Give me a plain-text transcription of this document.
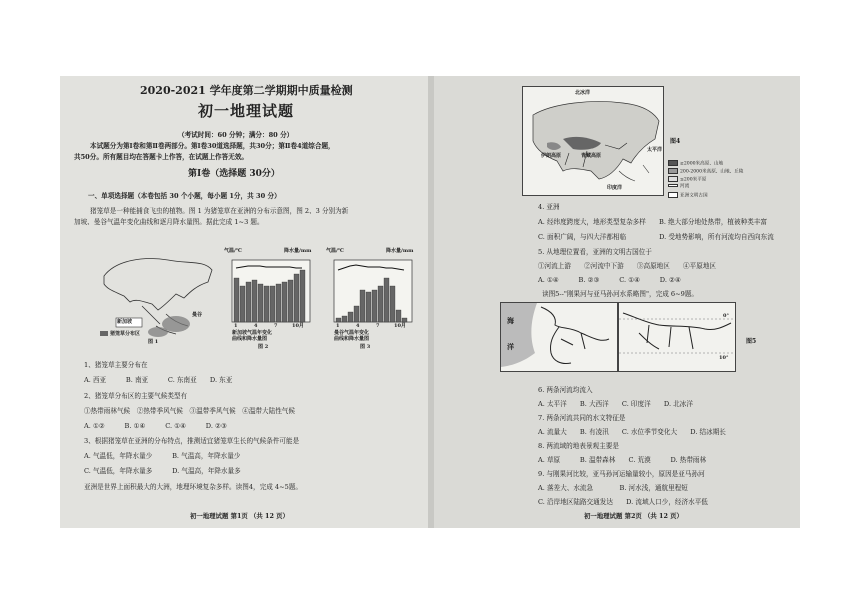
2020-2021 学年度第二学期期中质量检测
初一地理试题
（考试时间：60 分钟；满分：80 分）
本试题分为第Ⅰ卷和第Ⅱ卷两部分。第Ⅰ卷30道选择题，共30分；第Ⅱ卷4道综合题，
共50分。所有题目均在答题卡上作答，在试题上作答无效。
第Ⅰ卷（选择题 30分）
一、单项选择题（本卷包括 30 个小题，每小题 1分，共 30 分）
猪笼草是一种能捕食飞虫的植物。图 1 为猪笼草在亚洲的分布示意图，图 2、3 分别为新
加坡、曼谷气温年变化曲线和逐月降水量图。据此完成 1~3 题。
新加坡
曼谷
猪笼草分布区
图 1
气温/℃	降水量/mm
1	4	7	10月
新加坡气温年变化
曲线和降水量图
图 2
气温/℃	降水量/mm
1	4	7	10月
曼谷气温年变化
曲线和降水量图
图 3
1、猪笼草主要分布在
A. 西亚　　　B. 南亚　　　C. 东南亚　　D. 东亚
2、猪笼草分布区的主要气候类型有
①热带雨林气候　②热带季风气候　③温带季风气候　④温带大陆性气候
A. ①②　　　B. ①④　　　C. ①④　　　D. ②③
3、根据猪笼草在亚洲的分布特点，推测适宜猪笼草生长的气候条件可能是
A. 气温低，年降水量少　　　B. 气温高，年降水量少
C. 气温低，年降水量多　　　D. 气温高，年降水量多
亚洲是世界上面积最大的大洲，地理环境复杂多样。读图4，完成 4~5题。
初一地理试题 第1页 （共 12 页）
北冰洋
太平洋
印度洋
伊朗高原	青藏高原
图4
≥2000米高原、山地
200-2000米高原、山地、丘陵
≤200米平原
河流
亚洲文明古国
4. 亚洲
A. 经纬度跨度大，地形类型复杂多样　　B. 绝大部分地处热带，植被种类丰富
C. 面积广阔，与四大洋都相临　　　　　D. 受地势影响，所有河流均自西向东流
5. 从地理位置看，亚洲的文明古国位于
①河流上游　　②河流中下游　　③高原地区　　④平原地区
A. ①④　　　B. ②③　　　C. ①④　　　D. ②④
读图5--"刚果河与亚马孙河水系略图"，完成 6~9题。
海
洋
0°
10°
图5
6. 两条河流均流入
A. 太平洋　　B. 大西洋　　C. 印度洋　　D. 北冰洋
7. 两条河流共同的水文特征是
A. 流量大　　B. 有凌汛　　C. 水位季节变化大　　D. 结冰期长
8. 两流域的地表景观主要是
A. 草原　　　B. 温带森林　　C. 荒漠　　　D. 热带雨林
9. 与刚果河比较，亚马孙河运输量较小，原因是亚马孙河
A. 落差大、水流急　　　　B. 河水浅，通航里程短
C. 沿岸地区陆路交通发达　　D. 流域人口少，经济水平低
初一地理试题 第2页 （共 12 页）
